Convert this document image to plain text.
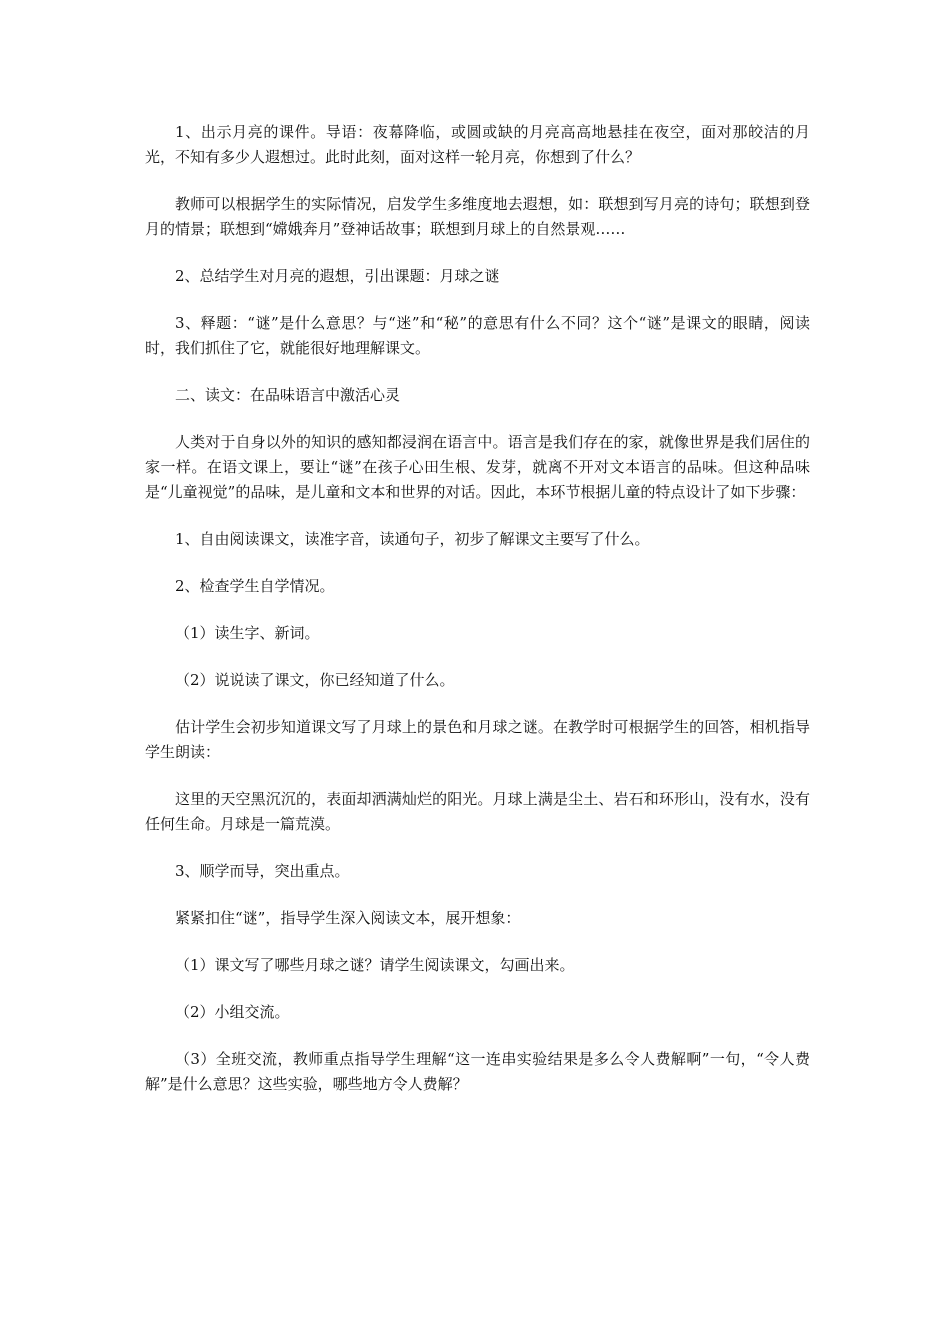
1、出示月亮的课件。导语：夜幕降临，或圆或缺的月亮高高地悬挂在夜空，面对那皎洁的月光，不知有多少人遐想过。此时此刻，面对这样一轮月亮，你想到了什么？

教师可以根据学生的实际情况，启发学生多维度地去遐想，如：联想到写月亮的诗句；联想到登月的情景；联想到“嫦娥奔月”登神话故事；联想到月球上的自然景观……

2、总结学生对月亮的遐想，引出课题：月球之谜

3、释题：“谜”是什么意思？与“迷”和“秘”的意思有什么不同？这个“谜”是课文的眼睛，阅读时，我们抓住了它，就能很好地理解课文。

二、读文：在品味语言中激活心灵

人类对于自身以外的知识的感知都浸润在语言中。语言是我们存在的家，就像世界是我们居住的家一样。在语文课上，要让“谜”在孩子心田生根、发芽，就离不开对文本语言的品味。但这种品味是“儿童视觉”的品味，是儿童和文本和世界的对话。因此，本环节根据儿童的特点设计了如下步骤：

1、自由阅读课文，读准字音，读通句子，初步了解课文主要写了什么。

2、检查学生自学情况。

（1）读生字、新词。

（2）说说读了课文，你已经知道了什么。

估计学生会初步知道课文写了月球上的景色和月球之谜。在教学时可根据学生的回答，相机指导学生朗读：

这里的天空黑沉沉的，表面却洒满灿烂的阳光。月球上满是尘土、岩石和环形山，没有水，没有任何生命。月球是一篇荒漠。

3、顺学而导，突出重点。

紧紧扣住“谜”，指导学生深入阅读文本，展开想象：

（1）课文写了哪些月球之谜？请学生阅读课文，勾画出来。

（2）小组交流。

（3）全班交流，教师重点指导学生理解“这一连串实验结果是多么令人费解啊”一句，“令人费解”是什么意思？这些实验，哪些地方令人费解？
